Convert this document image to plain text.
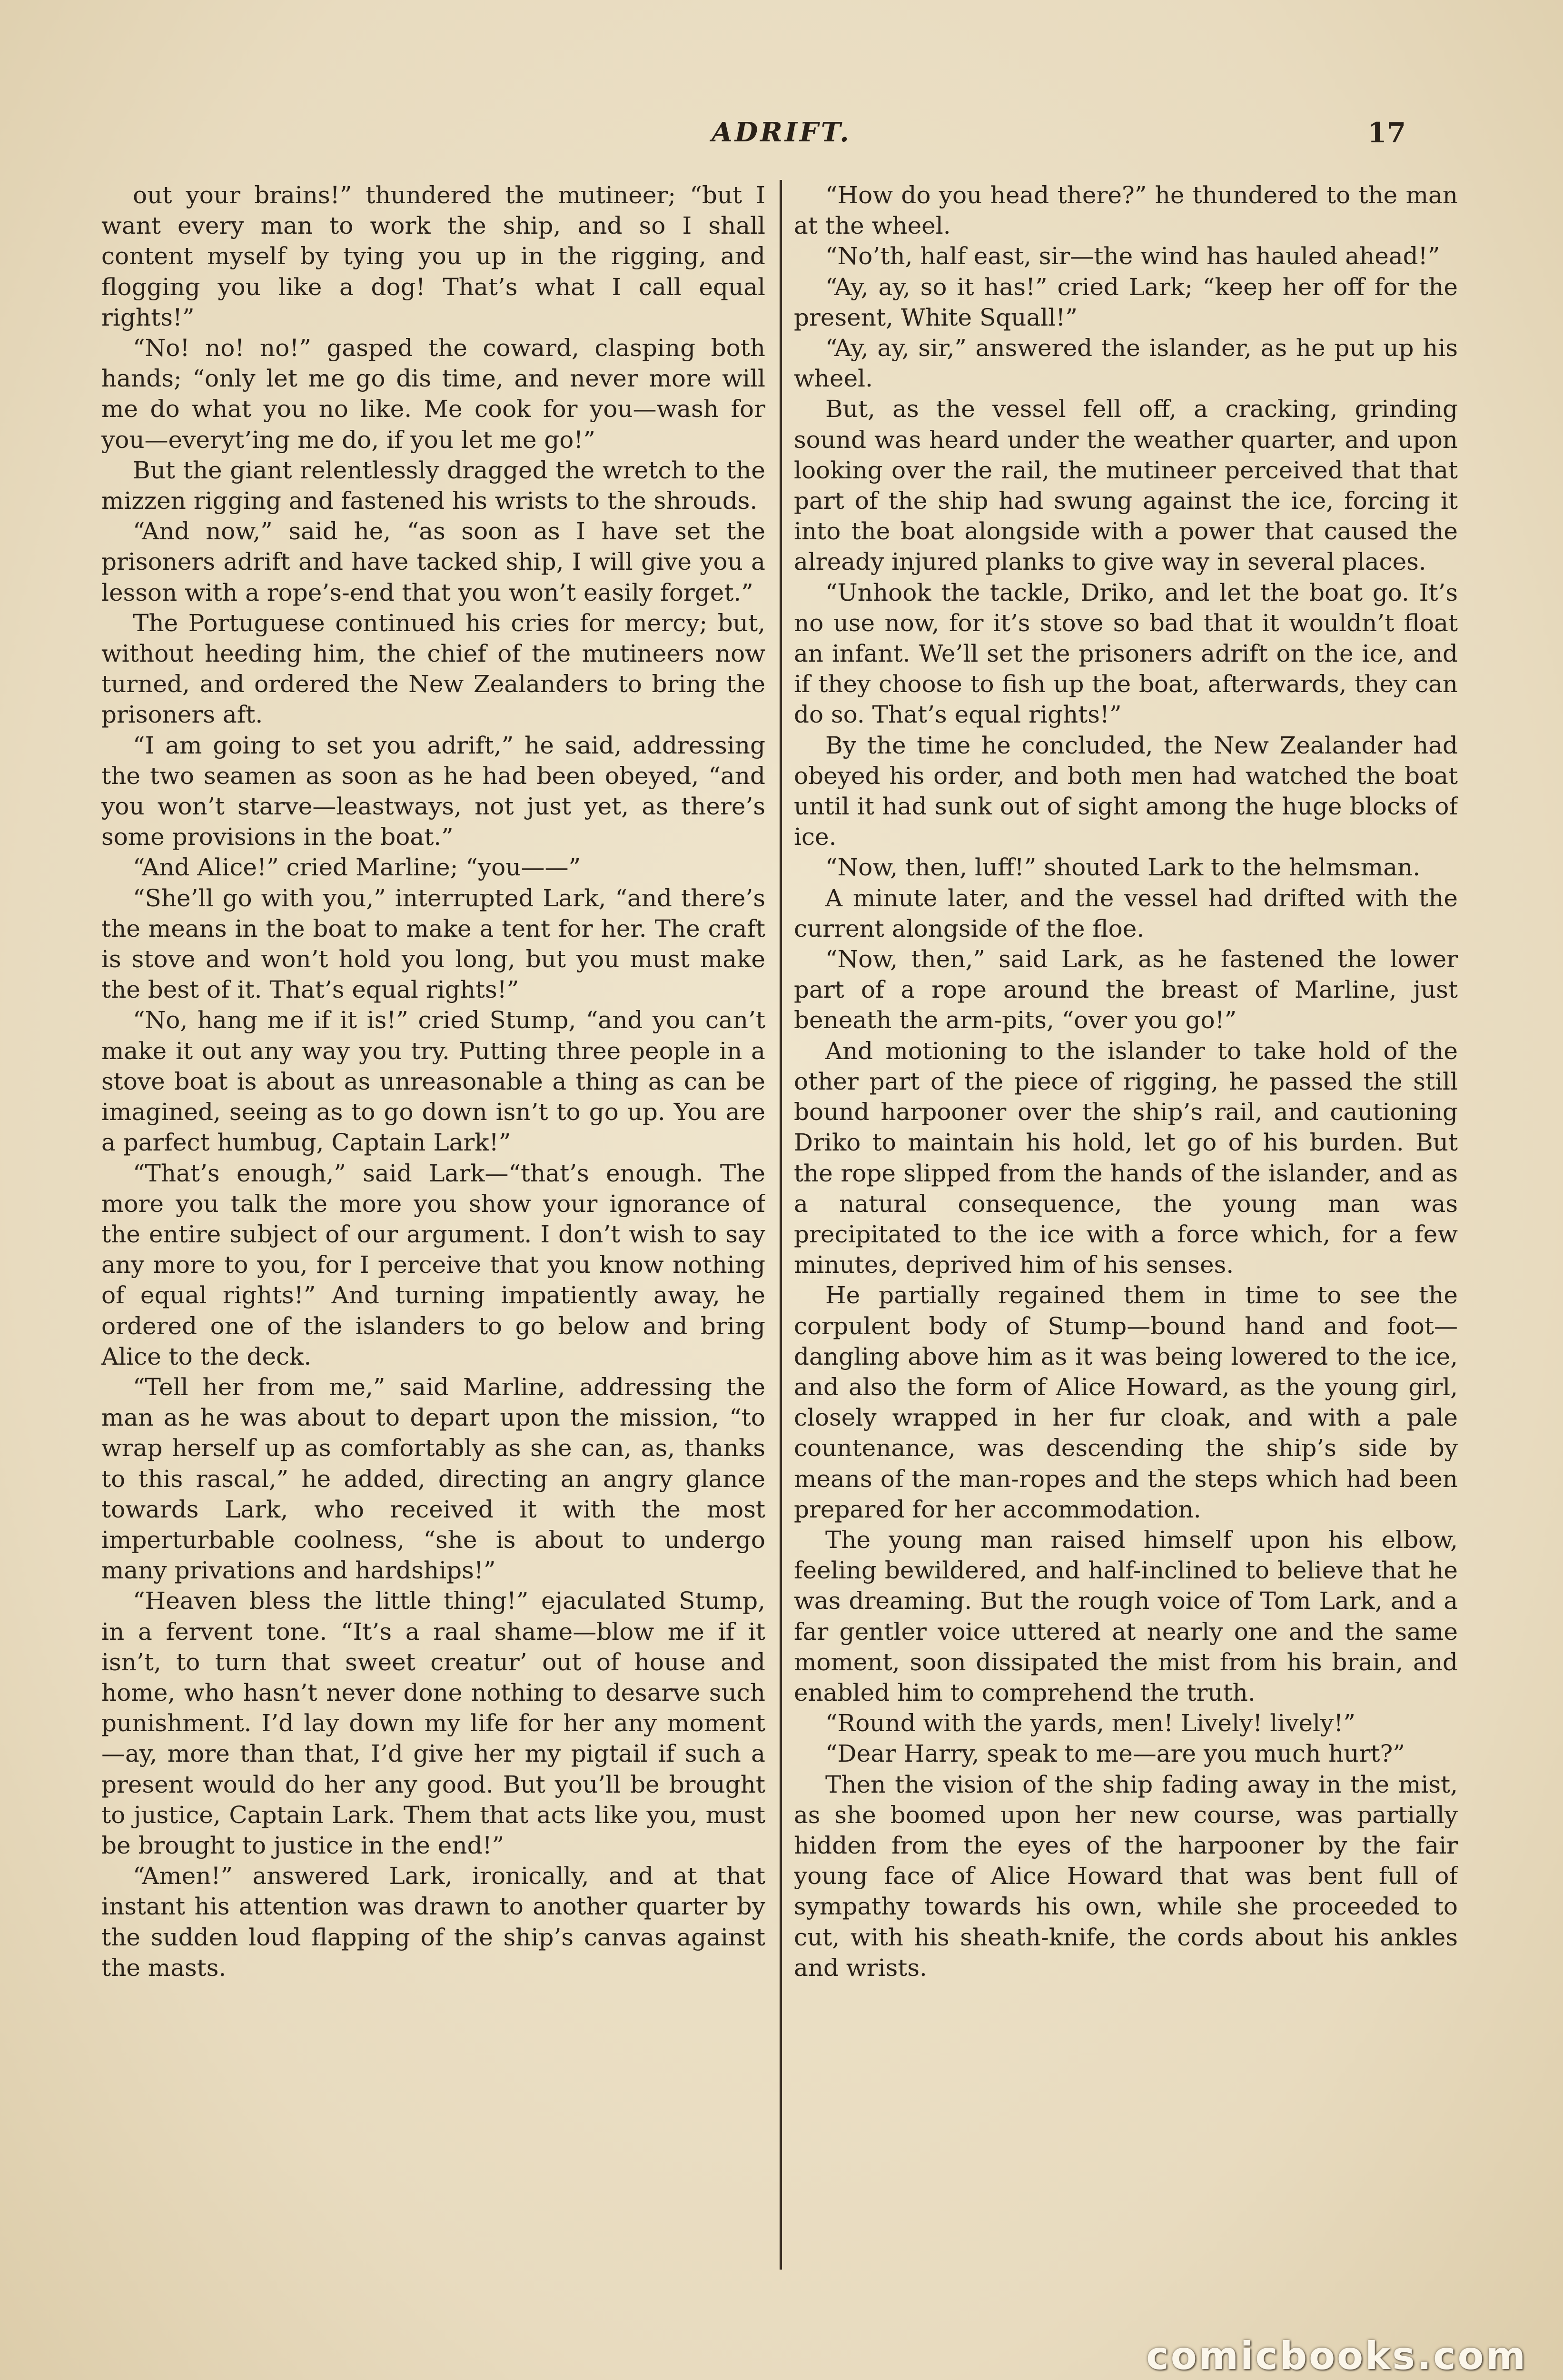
ADRIFT.	17

out your brains!” thundered the mutineer; “but I want every man to work the ship, and so I shall content myself by tying you up in the rigging, and flogging you like a dog! That’s what I call equal rights!”

“No! no! no!” gasped the coward, clasping both hands; “only let me go dis time, and never more will me do what you no like. Me cook for you—wash for you—everyt’ing me do, if you let me go!”

But the giant relentlessly dragged the wretch to the mizzen rigging and fastened his wrists to the shrouds.

“And now,” said he, “as soon as I have set the prisoners adrift and have tacked ship, I will give you a lesson with a rope’s-end that you won’t easily forget.”

The Portuguese continued his cries for mercy; but, without heeding him, the chief of the mutineers now turned, and ordered the New Zealanders to bring the prisoners aft.

“I am going to set you adrift,” he said, addressing the two seamen as soon as he had been obeyed, “and you won’t starve—leastways, not just yet, as there’s some provisions in the boat.”

“And Alice!” cried Marline; “you——”

“She’ll go with you,” interrupted Lark, “and there’s the means in the boat to make a tent for her. The craft is stove and won’t hold you long, but you must make the best of it. That’s equal rights!”

“No, hang me if it is!” cried Stump, “and you can’t make it out any way you try. Putting three people in a stove boat is about as unreasonable a thing as can be imagined, seeing as to go down isn’t to go up. You are a parfect humbug, Captain Lark!”

“That’s enough,” said Lark—“that’s enough. The more you talk the more you show your ignorance of the entire subject of our argument. I don’t wish to say any more to you, for I perceive that you know nothing of equal rights!” And turning impatiently away, he ordered one of the islanders to go below and bring Alice to the deck.

“Tell her from me,” said Marline, addressing the man as he was about to depart upon the mission, “to wrap herself up as comfortably as she can, as, thanks to this rascal,” he added, directing an angry glance towards Lark, who received it with the most imperturbable coolness, “she is about to undergo many privations and hardships!”

“Heaven bless the little thing!” ejaculated Stump, in a fervent tone. “It’s a raal shame—blow me if it isn’t, to turn that sweet creatur’ out of house and home, who hasn’t never done nothing to desarve such punishment. I’d lay down my life for her any moment—ay, more than that, I’d give her my pigtail if such a present would do her any good. But you’ll be brought to justice, Captain Lark. Them that acts like you, must be brought to justice in the end!”

“Amen!” answered Lark, ironically, and at that instant his attention was drawn to another quarter by the sudden loud flapping of the ship’s canvas against the masts.

“How do you head there?” he thundered to the man at the wheel.

“No’th, half east, sir—the wind has hauled ahead!”

“Ay, ay, so it has!” cried Lark; “keep her off for the present, White Squall!”

“Ay, ay, sir,” answered the islander, as he put up his wheel.

But, as the vessel fell off, a cracking, grinding sound was heard under the weather quarter, and upon looking over the rail, the mutineer perceived that that part of the ship had swung against the ice, forcing it into the boat alongside with a power that caused the already injured planks to give way in several places.

“Unhook the tackle, Driko, and let the boat go. It’s no use now, for it’s stove so bad that it wouldn’t float an infant. We’ll set the prisoners adrift on the ice, and if they choose to fish up the boat, afterwards, they can do so. That’s equal rights!”

By the time he concluded, the New Zealander had obeyed his order, and both men had watched the boat until it had sunk out of sight among the huge blocks of ice.

“Now, then, luff!” shouted Lark to the helmsman.

A minute later, and the vessel had drifted with the current alongside of the floe.

“Now, then,” said Lark, as he fastened the lower part of a rope around the breast of Marline, just beneath the arm-pits, “over you go!”

And motioning to the islander to take hold of the other part of the piece of rigging, he passed the still bound harpooner over the ship’s rail, and cautioning Driko to maintain his hold, let go of his burden. But the rope slipped from the hands of the islander, and as a natural consequence, the young man was precipitated to the ice with a force which, for a few minutes, deprived him of his senses.

He partially regained them in time to see the corpulent body of Stump—bound hand and foot—dangling above him as it was being lowered to the ice, and also the form of Alice Howard, as the young girl, closely wrapped in her fur cloak, and with a pale countenance, was descending the ship’s side by means of the man-ropes and the steps which had been prepared for her accommodation.

The young man raised himself upon his elbow, feeling bewildered, and half-inclined to believe that he was dreaming. But the rough voice of Tom Lark, and a far gentler voice uttered at nearly one and the same moment, soon dissipated the mist from his brain, and enabled him to comprehend the truth.

“Round with the yards, men! Lively! lively!”

“Dear Harry, speak to me—are you much hurt?”

Then the vision of the ship fading away in the mist, as she boomed upon her new course, was partially hidden from the eyes of the harpooner by the fair young face of Alice Howard that was bent full of sympathy towards his own, while she proceeded to cut, with his sheath-knife, the cords about his ankles and wrists.

comicbooks.com
